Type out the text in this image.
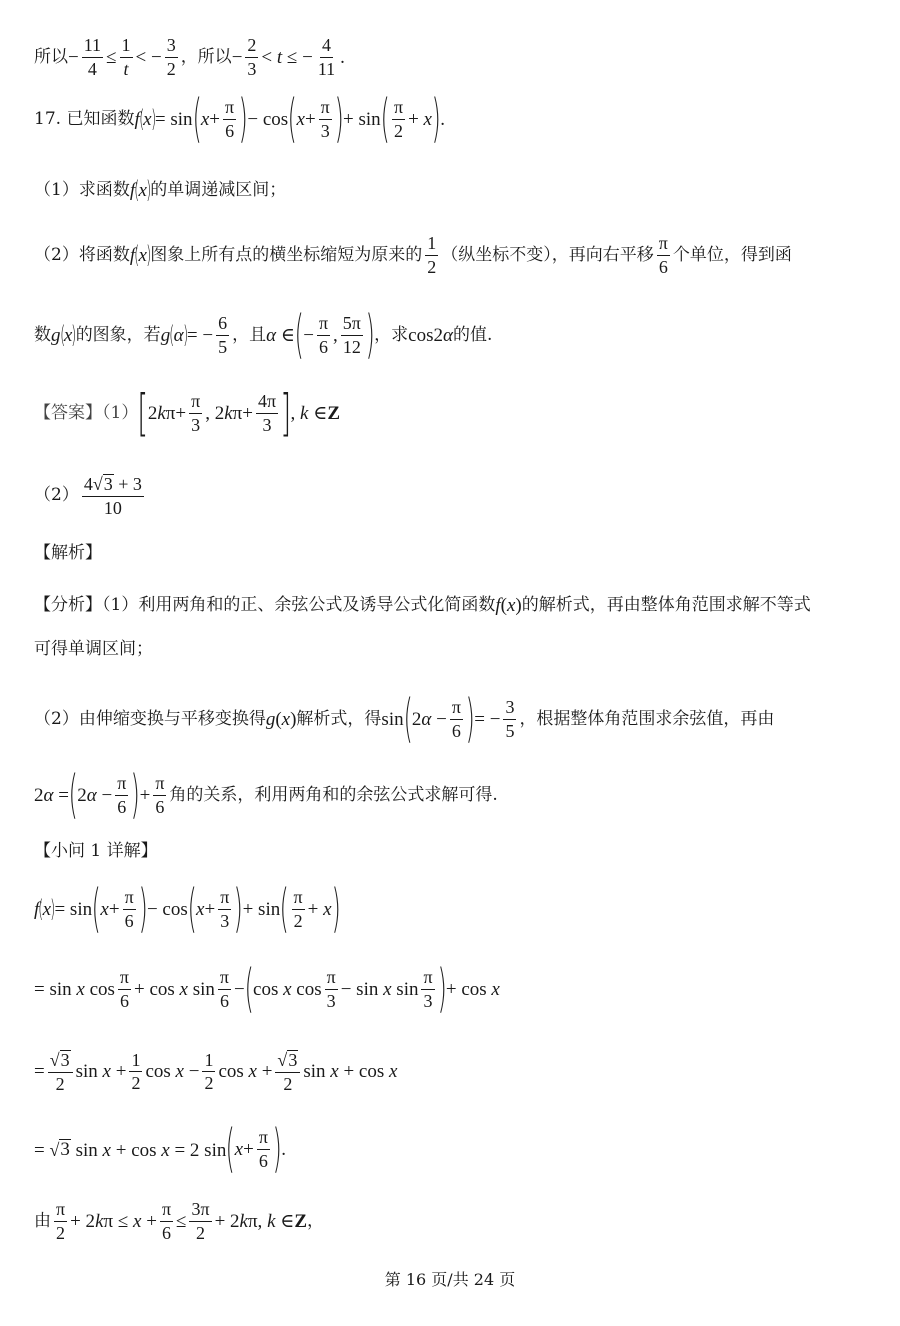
所以 − $\frac{11}{4} \le \frac{1}{t}$ < − $\frac{3}{2}$ ，所以 − $\frac{2}{3} < t$ ≤ − $\frac{4}{11}$ .
17. 已知函数 f ( x ) = sin ( $x + \frac{\pi}{6}$ ) − cos ( $x + \frac{\pi}{3}$ ) + sin ( $\frac{\pi}{2} + x$ ) .
（1）求函数 f ( x ) 的单调递减区间；
（2）将函数 f ( x ) 图象上所有点的横坐标缩短为原来的 $\frac{1}{2}$ （纵坐标不变），再向右平移 $\frac{\pi}{6}$ 个单位，得到函
数 g ( x ) 的图象，若 g ( α ) = − $\frac{6}{5}$ ，且 α ∈ ( − $\frac{\pi}{6}$ , $\frac{5\pi}{12}$ ) ，求 cos2α 的值.
【答案】（1） [ $2k\pi+ \frac{\pi}{3}$ , $2k\pi+ \frac{4\pi}{3}$ ] , k ∈ Z
$(2) \frac{4 √ 3 + 3}{10}$
【解析】
【分析】（1）利用两角和的正、余弦公式及诱导公式化简函数 f(x) 的解析式，再由整体角范围求解不等式
可得单调区间；
（2）由伸缩变换与平移变换得 g(x) 解析式，得 sin ( $2\alpha - \frac{\pi}{6}$ ) = − $\frac{3}{5}$ ，根据整体角范围求余弦值，再由
2α = ( $2\alpha - \frac{\pi}{6}$ ) + $\frac{\pi}{6}$ 角的关系，利用两角和的余弦公式求解可得.
【小问 1 详解】
f ( x ) = sin ( $x + \frac{\pi}{6}$ ) − cos ( $x + \frac{\pi}{3}$ ) + sin ( $\frac{\pi}{2} + x$ )
= sin x $\cos \frac{\pi}{6} + \cos x$ $\sin \frac{\pi}{6}$ − ( cos x $\cos \frac{\pi}{3} - \sin x$ $\sin \frac{\pi}{3}$ ) + cos x
= $\frac{√ 3}{2}$ $\sin x + \frac{1}{2}$ $\cos x - \frac{1}{2}$ $\cos x + \frac{√ 3}{2}$ sin x + cos x
= √ 3 sin x + cos x = 2 sin ( $x + \frac{\pi}{6}$ ) .
由 $\frac{\pi}{2} + 2k\pi \le x + \frac{\pi}{6} \le \frac{3\pi}{2} + 2k\pi$, k ∈ Z ，
第 16 页/共 24 页
